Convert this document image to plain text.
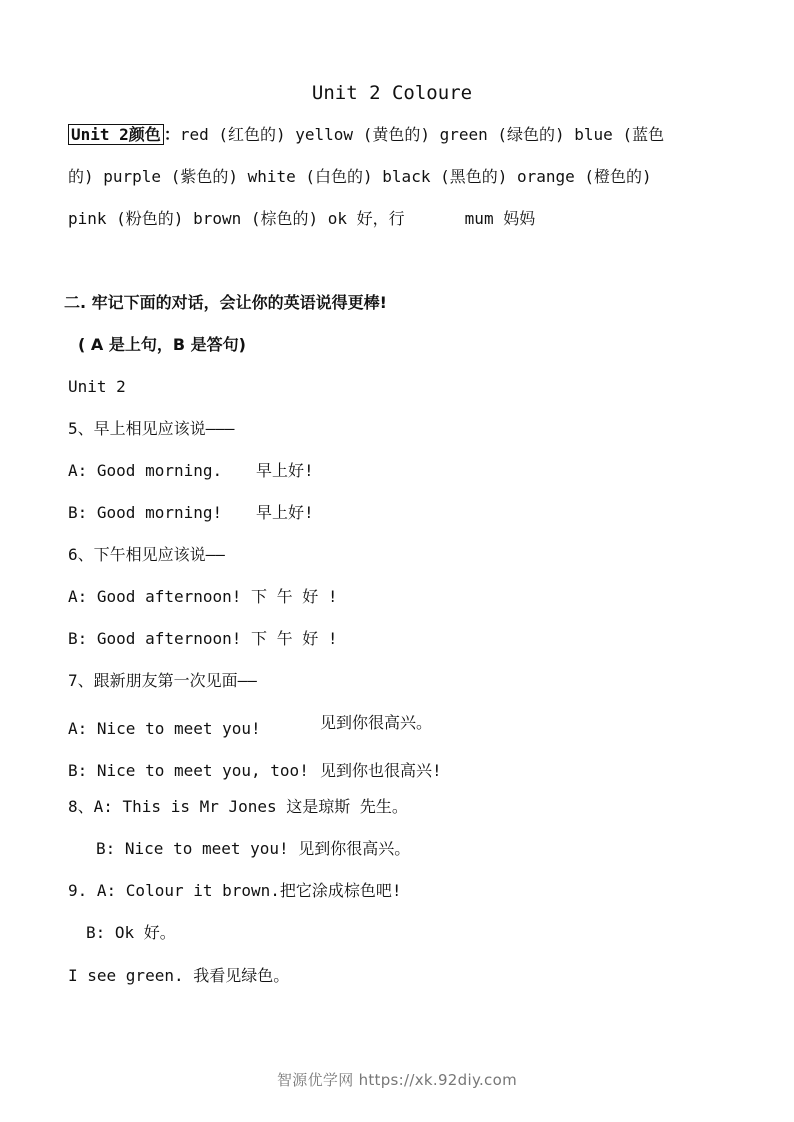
Unit 2 Coloure
Unit 2颜色 ：red (红色的) yellow (黄色的) green (绿色的) blue (蓝色
的) purple (紫色的) white (白色的) black (黑色的) orange (橙色的)
pink (粉色的) brown (棕色的) ok 好，行	mum 妈妈
二. 牢记下面的对话，会让你的英语说得更棒!
( A 是上句，B 是答句)
Unit 2
5、早上相见应该说———
A: Good morning. 早上好!
B: Good morning! 早上好!
6、下午相见应该说——
A: Good afternoon! 下 午 好 !
B: Good afternoon! 下 午 好 !
7、跟新朋友第一次见面——
A: Nice to meet you!	见到你很高兴。
B: Nice to meet you, too! 见到你也很高兴!
8、A: This is Mr Jones 这是琼斯 先生。
B: Nice to meet you! 见到你很高兴。
9. A: Colour it brown.把它涂成棕色吧!
B: Ok 好。
I see green. 我看见绿色。
智源优学网 https://xk.92diy.com
